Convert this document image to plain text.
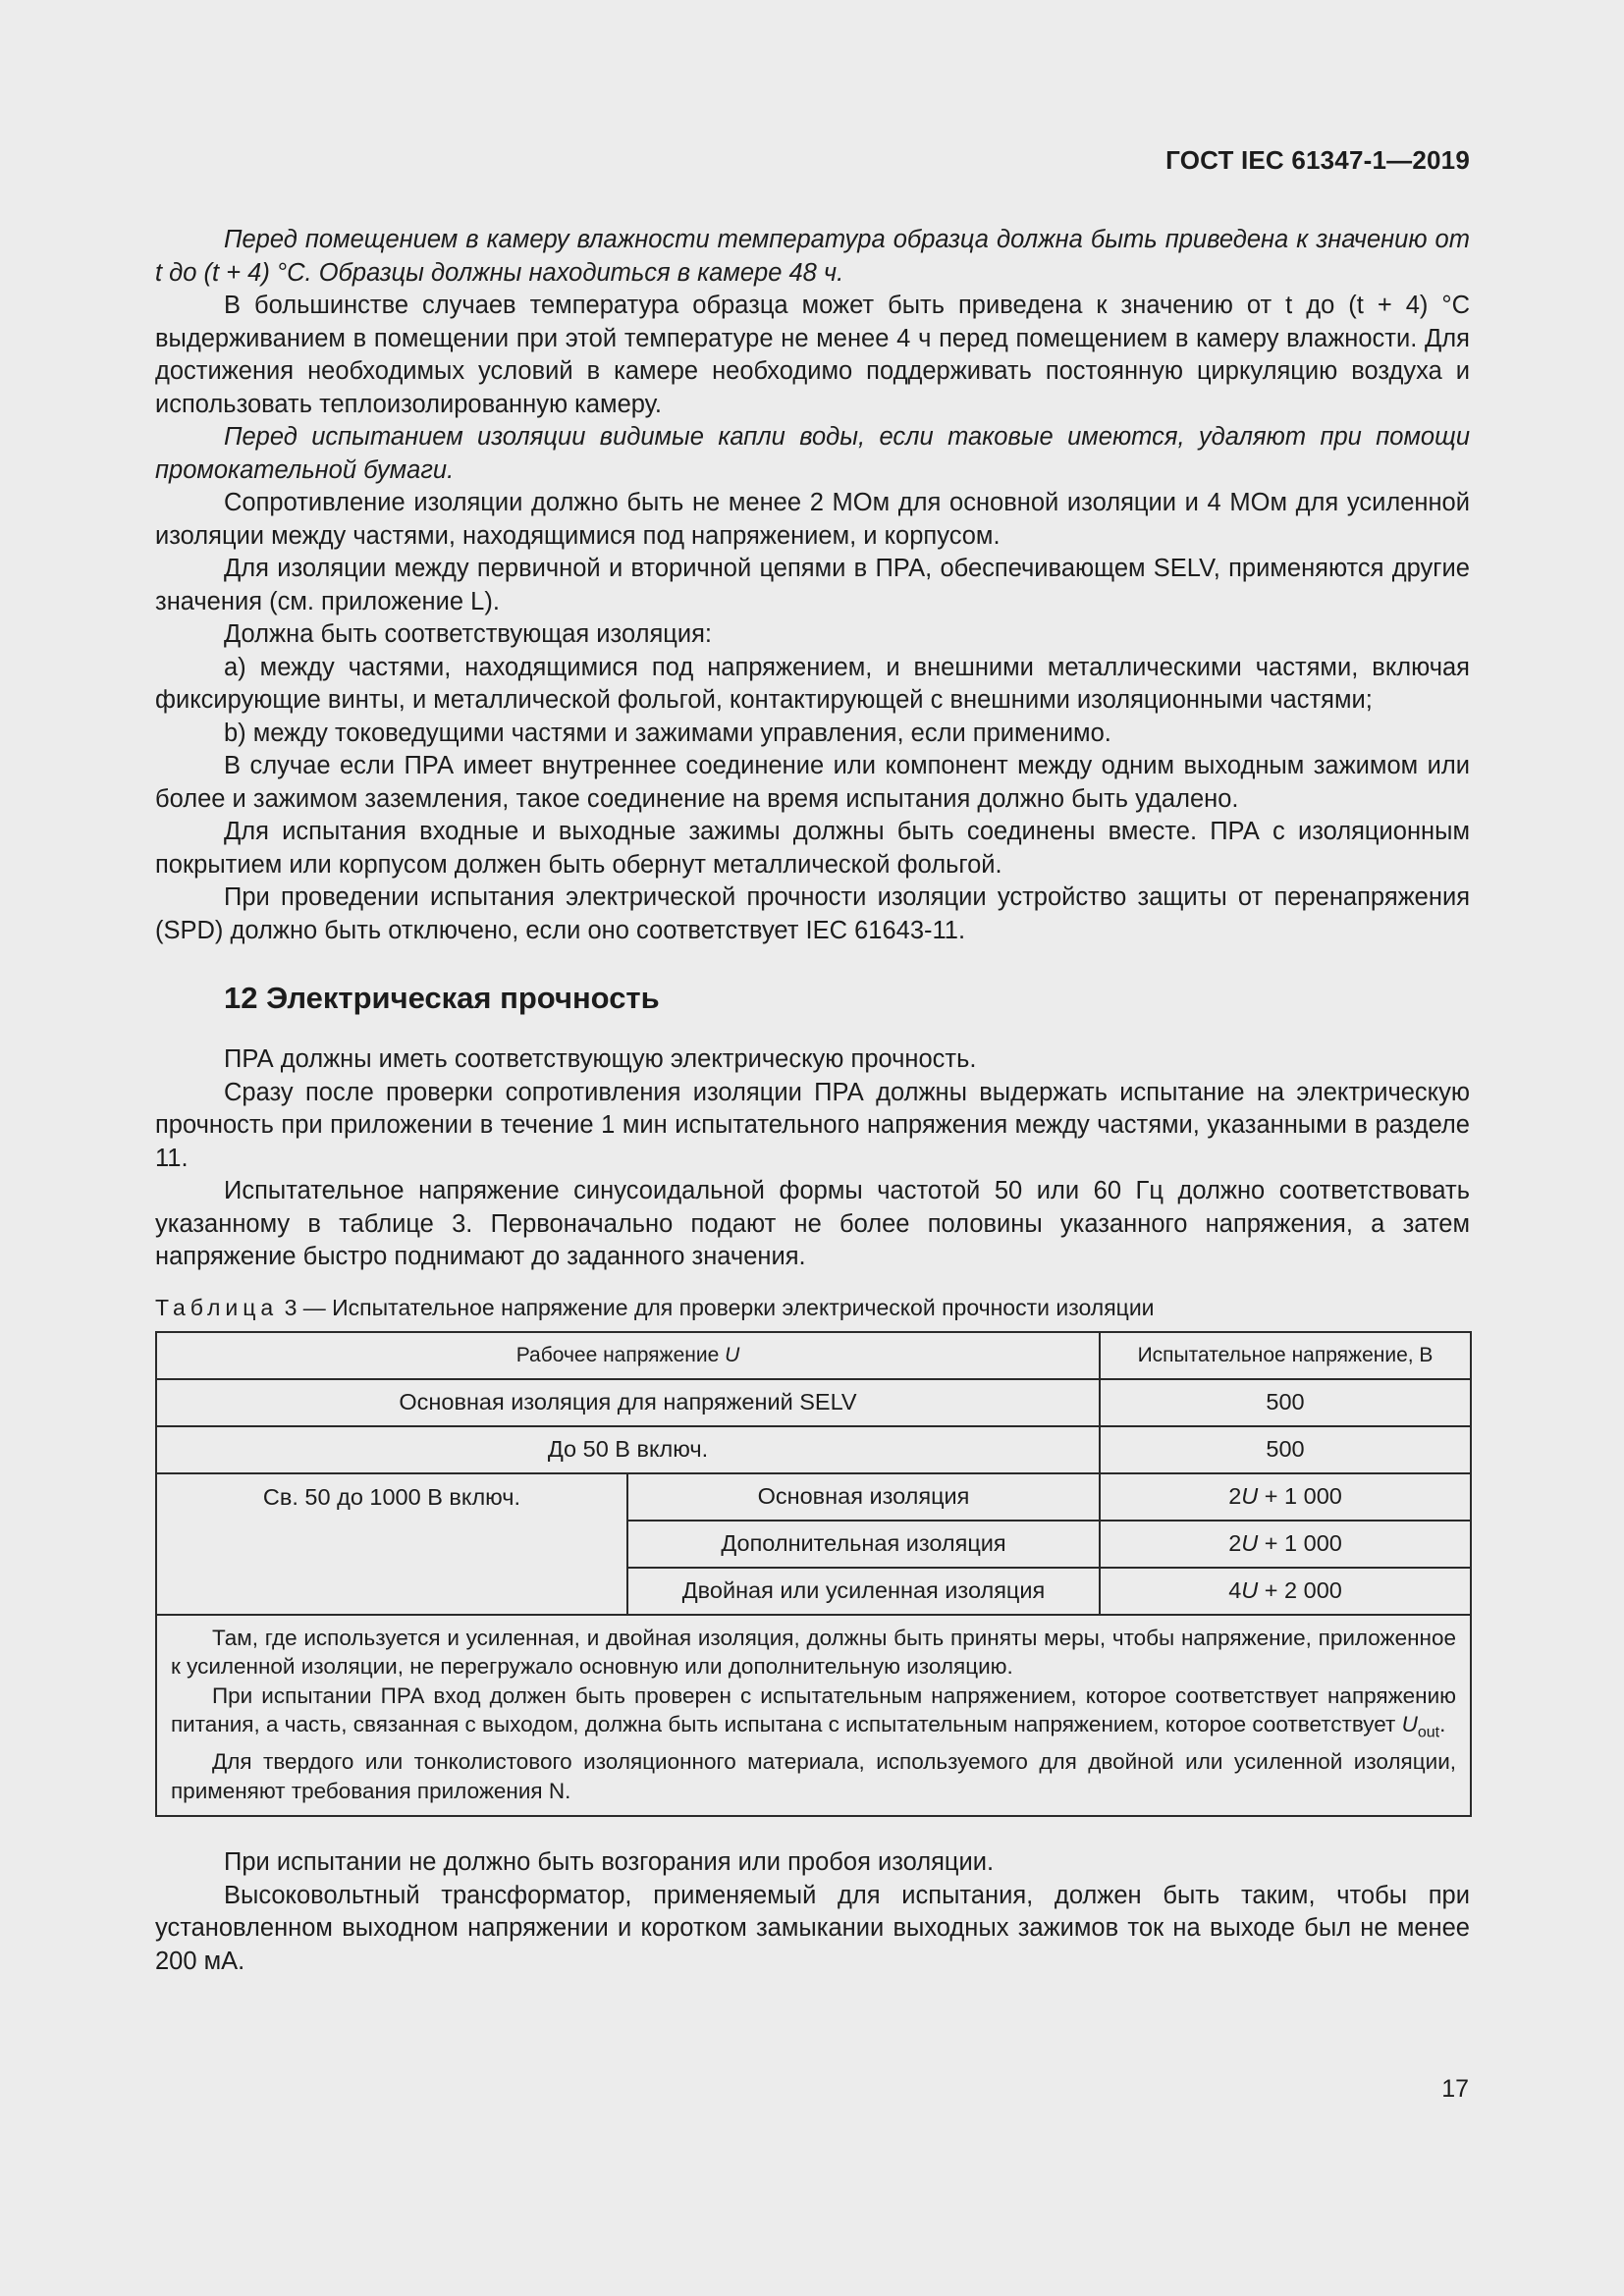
ГОСТ IEC 61347-1—2019

Перед помещением в камеру влажности температура образца должна быть приведена к значению от t до (t + 4) °C. Образцы должны находиться в камере 48 ч.

В большинстве случаев температура образца может быть приведена к значению от t до (t + 4) °C выдерживанием в помещении при этой температуре не менее 4 ч перед помещением в камеру влажности. Для достижения необходимых условий в камере необходимо поддерживать постоянную циркуляцию воздуха и использовать теплоизолированную камеру.

Перед испытанием изоляции видимые капли воды, если таковые имеются, удаляют при помощи промокательной бумаги.

Сопротивление изоляции должно быть не менее 2 МОм для основной изоляции и 4 МОм для усиленной изоляции между частями, находящимися под напряжением, и корпусом.

Для изоляции между первичной и вторичной цепями в ПРА, обеспечивающем SELV, применяются другие значения (см. приложение L).

Должна быть соответствующая изоляция:

a) между частями, находящимися под напряжением, и внешними металлическими частями, включая фиксирующие винты, и металлической фольгой, контактирующей с внешними изоляционными частями;

b) между токоведущими частями и зажимами управления, если применимо.

В случае если ПРА имеет внутреннее соединение или компонент между одним выходным зажимом или более и зажимом заземления, такое соединение на время испытания должно быть удалено.

Для испытания входные и выходные зажимы должны быть соединены вместе. ПРА с изоляционным покрытием или корпусом должен быть обернут металлической фольгой.

При проведении испытания электрической прочности изоляции устройство защиты от перенапряжения (SPD) должно быть отключено, если оно соответствует IEC 61643-11.

12 Электрическая прочность

ПРА должны иметь соответствующую электрическую прочность.

Сразу после проверки сопротивления изоляции ПРА должны выдержать испытание на электрическую прочность при приложении в течение 1 мин испытательного напряжения между частями, указанными в разделе 11.

Испытательное напряжение синусоидальной формы частотой 50 или 60 Гц должно соответствовать указанному в таблице 3. Первоначально подают не более половины указанного напряжения, а затем напряжение быстро поднимают до заданного значения.

Таблица 3 — Испытательное напряжение для проверки электрической прочности изоляции
Рабочее напряжение U		Испытательное напряжение, В
Основная изоляция для напряжений SELV		500
До 50 В включ.		500
Св. 50 до 1000 В включ.	Основная изоляция	2U + 1 000
	Дополнительная изоляция	2U + 1 000
	Двойная или усиленная изоляция	4U + 2 000

Там, где используется и усиленная, и двойная изоляция, должны быть приняты меры, чтобы напряжение, приложенное к усиленной изоляции, не перегружало основную или дополнительную изоляцию.
При испытании ПРА вход должен быть проверен с испытательным напряжением, которое соответствует напряжению питания, а часть, связанная с выходом, должна быть испытана с испытательным напряжением, которое соответствует $U_{out}$.
Для твердого или тонколистового изоляционного материала, используемого для двойной или усиленной изоляции, применяют требования приложения N.		

При испытании не должно быть возгорания или пробоя изоляции.

Высоковольтный трансформатор, применяемый для испытания, должен быть таким, чтобы при установленном выходном напряжении и коротком замыкании выходных зажимов ток на выходе был не менее 200 мА.

17
